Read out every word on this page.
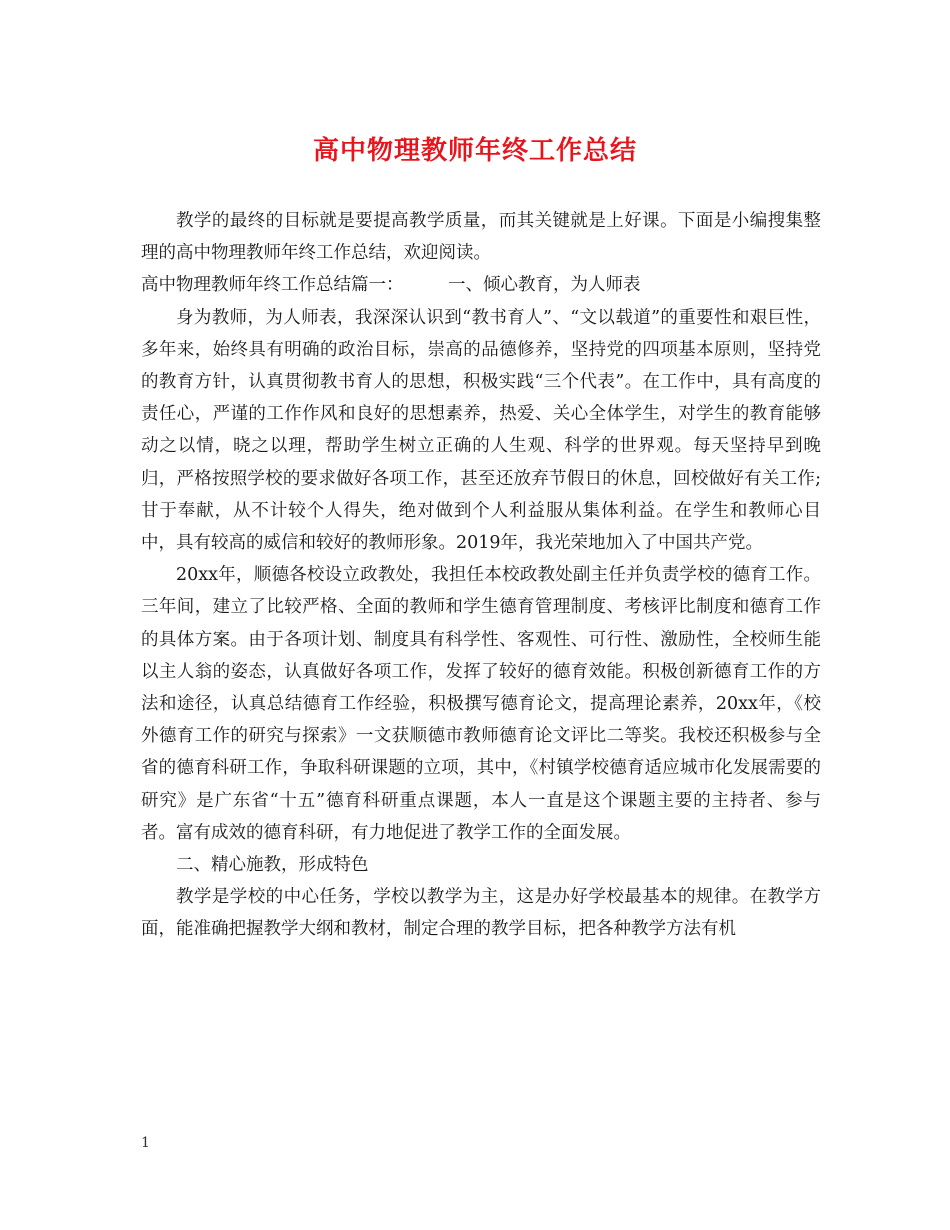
高中物理教师年终工作总结

教学的最终的目标就是要提高教学质量，而其关键就是上好课。下面是小编搜集整理的高中物理教师年终工作总结，欢迎阅读。

高中物理教师年终工作总结篇一：        一、倾心教育，为人师表

身为教师，为人师表，我深深认识到“教书育人”、“文以载道”的重要性和艰巨性，多年来，始终具有明确的政治目标，崇高的品德修养，坚持党的四项基本原则，坚持党的教育方针，认真贯彻教书育人的思想，积极实践“三个代表”。在工作中，具有高度的责任心，严谨的工作作风和良好的思想素养，热爱、关心全体学生，对学生的教育能够动之以情，晓之以理，帮助学生树立正确的人生观、科学的世界观。每天坚持早到晚归，严格按照学校的要求做好各项工作，甚至还放弃节假日的休息，回校做好有关工作;甘于奉献，从不计较个人得失，绝对做到个人利益服从集体利益。在学生和教师心目中，具有较高的威信和较好的教师形象。2019年，我光荣地加入了中国共产党。

20xx年，顺德各校设立政教处，我担任本校政教处副主任并负责学校的德育工作。三年间，建立了比较严格、全面的教师和学生德育管理制度、考核评比制度和德育工作的具体方案。由于各项计划、制度具有科学性、客观性、可行性、激励性，全校师生能以主人翁的姿态，认真做好各项工作，发挥了较好的德育效能。积极创新德育工作的方法和途径，认真总结德育工作经验，积极撰写德育论文，提高理论素养，20xx年，《校外德育工作的研究与探索》一文获顺德市教师德育论文评比二等奖。我校还积极参与全省的德育科研工作，争取科研课题的立项，其中，《村镇学校德育适应城市化发展需要的研究》是广东省“十五”德育科研重点课题，本人一直是这个课题主要的主持者、参与者。富有成效的德育科研，有力地促进了教学工作的全面发展。

二、精心施教，形成特色

教学是学校的中心任务，学校以教学为主，这是办好学校最基本的规律。在教学方面，能准确把握教学大纲和教材，制定合理的教学目标，把各种教学方法有机

1
